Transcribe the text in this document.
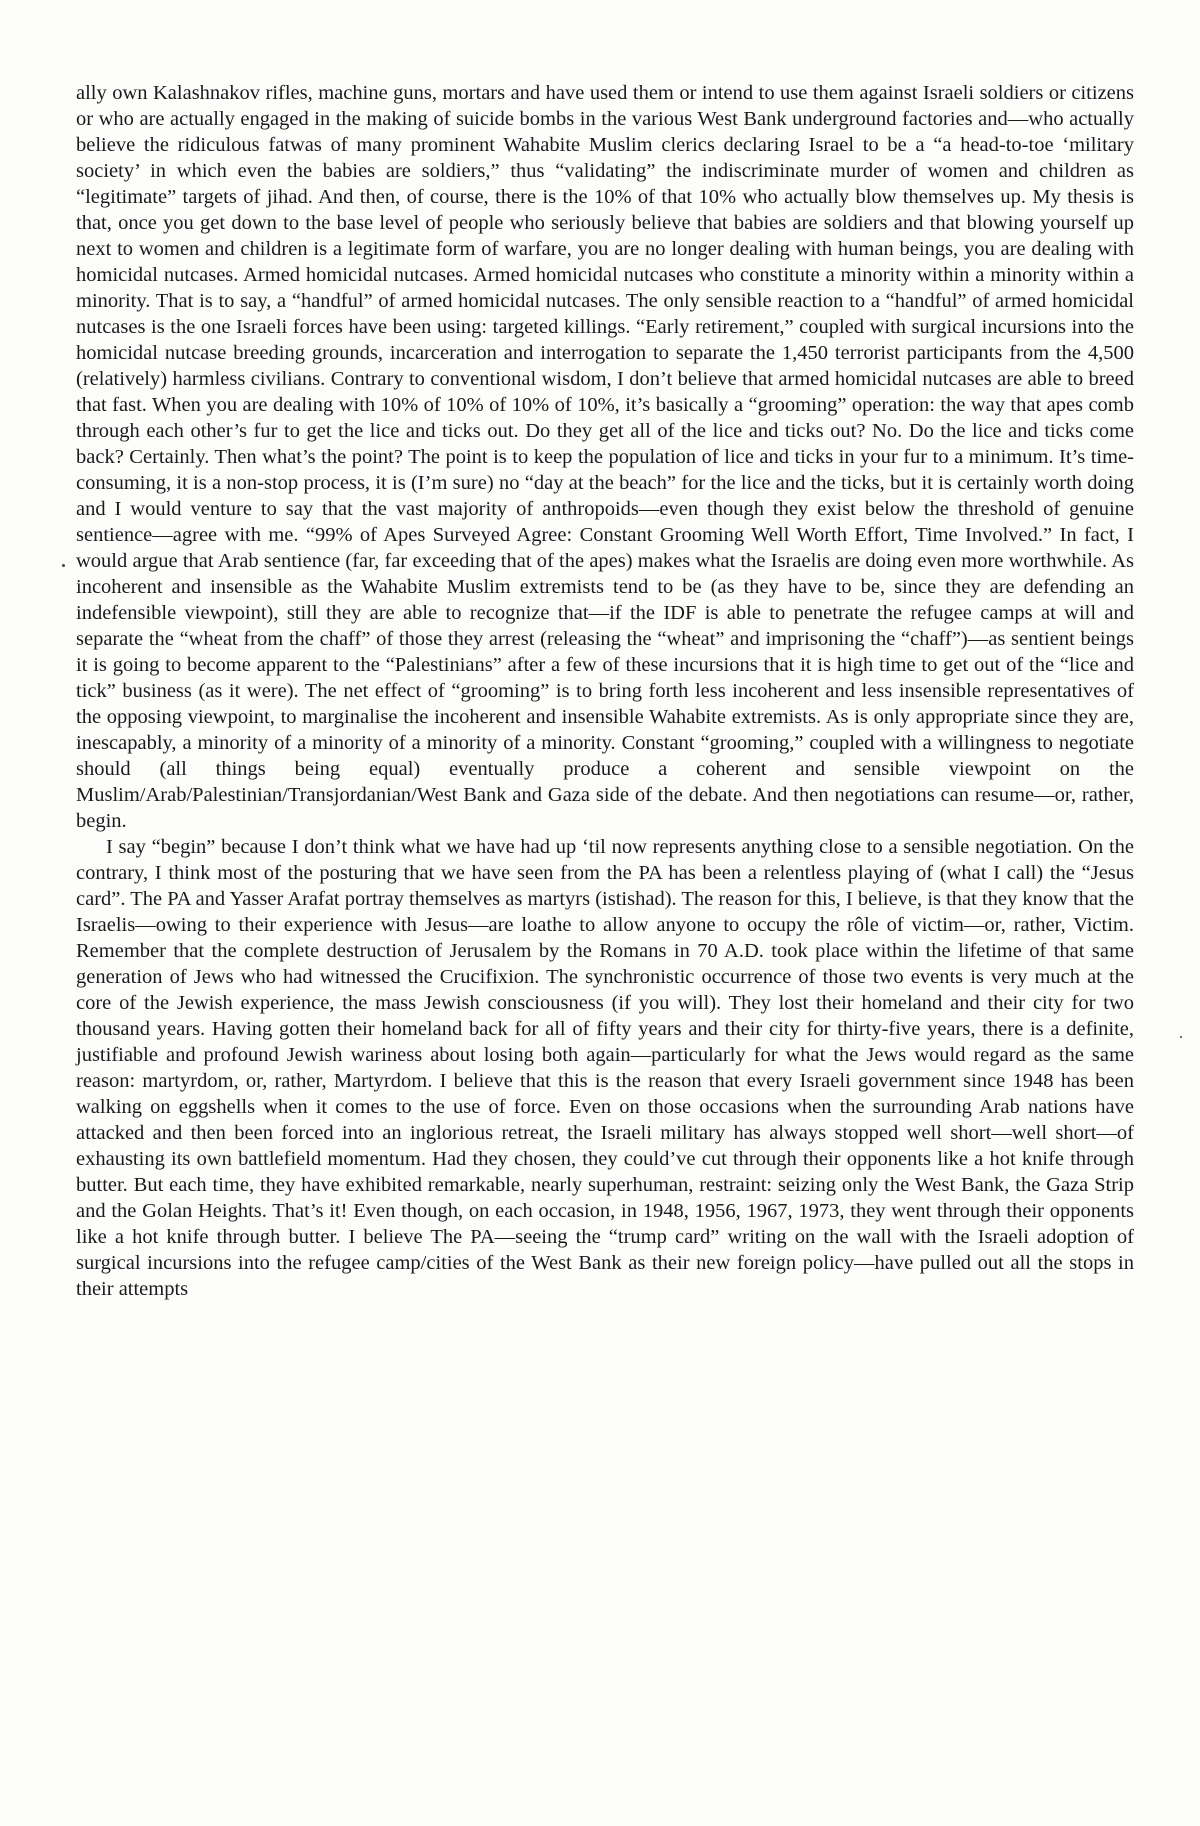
ally own Kalashnakov rifles, machine guns, mortars and have used them or intend to use them against Israeli soldiers or citizens or who are actually engaged in the making of suicide bombs in the various West Bank underground factories and—who actually believe the ridiculous fatwas of many prominent Wahabite Muslim clerics declaring Israel to be a “a head-to-toe ‘military society’ in which even the babies are soldiers,” thus “validating” the indiscriminate murder of women and children as “legitimate” targets of jihad. And then, of course, there is the 10% of that 10% who actually blow themselves up. My thesis is that, once you get down to the base level of people who seriously believe that babies are soldiers and that blowing yourself up next to women and children is a legitimate form of warfare, you are no longer dealing with human beings, you are dealing with homicidal nutcases. Armed homicidal nutcases. Armed homicidal nutcases who constitute a minority within a minority within a minority. That is to say, a “handful” of armed homicidal nutcases. The only sensible reaction to a “handful” of armed homicidal nutcases is the one Israeli forces have been using: targeted killings. “Early retirement,” coupled with surgical incursions into the homicidal nutcase breeding grounds, incarceration and interrogation to separate the 1,450 terrorist participants from the 4,500 (relatively) harmless civilians. Contrary to conventional wisdom, I don’t believe that armed homicidal nutcases are able to breed that fast. When you are dealing with 10% of 10% of 10% of 10%, it’s basically a “grooming” operation: the way that apes comb through each other’s fur to get the lice and ticks out. Do they get all of the lice and ticks out? No. Do the lice and ticks come back? Certainly. Then what’s the point? The point is to keep the population of lice and ticks in your fur to a minimum. It’s time-consuming, it is a non-stop process, it is (I’m sure) no “day at the beach” for the lice and the ticks, but it is certainly worth doing and I would venture to say that the vast majority of anthropoids—even though they exist below the threshold of genuine sentience—agree with me. “99% of Apes Surveyed Agree: Constant Grooming Well Worth Effort, Time Involved.” In fact, I would argue that Arab sentience (far, far exceeding that of the apes) makes what the Israelis are doing even more worthwhile. As incoherent and insensible as the Wahabite Muslim extremists tend to be (as they have to be, since they are defending an indefensible viewpoint), still they are able to recognize that—if the IDF is able to penetrate the refugee camps at will and separate the “wheat from the chaff” of those they arrest (releasing the “wheat” and imprisoning the “chaff”)—as sentient beings it is going to become apparent to the “Palestinians” after a few of these incursions that it is high time to get out of the “lice and tick” business (as it were). The net effect of “grooming” is to bring forth less incoherent and less insensible representatives of the opposing viewpoint, to marginalise the incoherent and insensible Wahabite extremists. As is only appropriate since they are, inescapably, a minority of a minority of a minority of a minority. Constant “grooming,” coupled with a willingness to negotiate should (all things being equal) eventually produce a coherent and sensible viewpoint on the Muslim/Arab/Palestinian/Transjordanian/West Bank and Gaza side of the debate. And then negotiations can resume—or, rather, begin.

I say “begin” because I don’t think what we have had up ‘til now represents anything close to a sensible negotiation. On the contrary, I think most of the posturing that we have seen from the PA has been a relentless playing of (what I call) the “Jesus card”. The PA and Yasser Arafat portray themselves as martyrs (istishad). The reason for this, I believe, is that they know that the Israelis—owing to their experience with Jesus—are loathe to allow anyone to occupy the rôle of victim—or, rather, Victim. Remember that the complete destruction of Jerusalem by the Romans in 70 A.D. took place within the lifetime of that same generation of Jews who had witnessed the Crucifixion. The synchronistic occurrence of those two events is very much at the core of the Jewish experience, the mass Jewish consciousness (if you will). They lost their homeland and their city for two thousand years. Having gotten their homeland back for all of fifty years and their city for thirty-five years, there is a definite, justifiable and profound Jewish wariness about losing both again—particularly for what the Jews would regard as the same reason: martyrdom, or, rather, Martyrdom. I believe that this is the reason that every Israeli government since 1948 has been walking on eggshells when it comes to the use of force. Even on those occasions when the surrounding Arab nations have attacked and then been forced into an inglorious retreat, the Israeli military has always stopped well short—well short—of exhausting its own battlefield momentum. Had they chosen, they could’ve cut through their opponents like a hot knife through butter. But each time, they have exhibited remarkable, nearly superhuman, restraint: seizing only the West Bank, the Gaza Strip and the Golan Heights. That’s it! Even though, on each occasion, in 1948, 1956, 1967, 1973, they went through their opponents like a hot knife through butter. I believe The PA—seeing the “trump card” writing on the wall with the Israeli adoption of surgical incursions into the refugee camp/cities of the West Bank as their new foreign policy—have pulled out all the stops in their attempts
